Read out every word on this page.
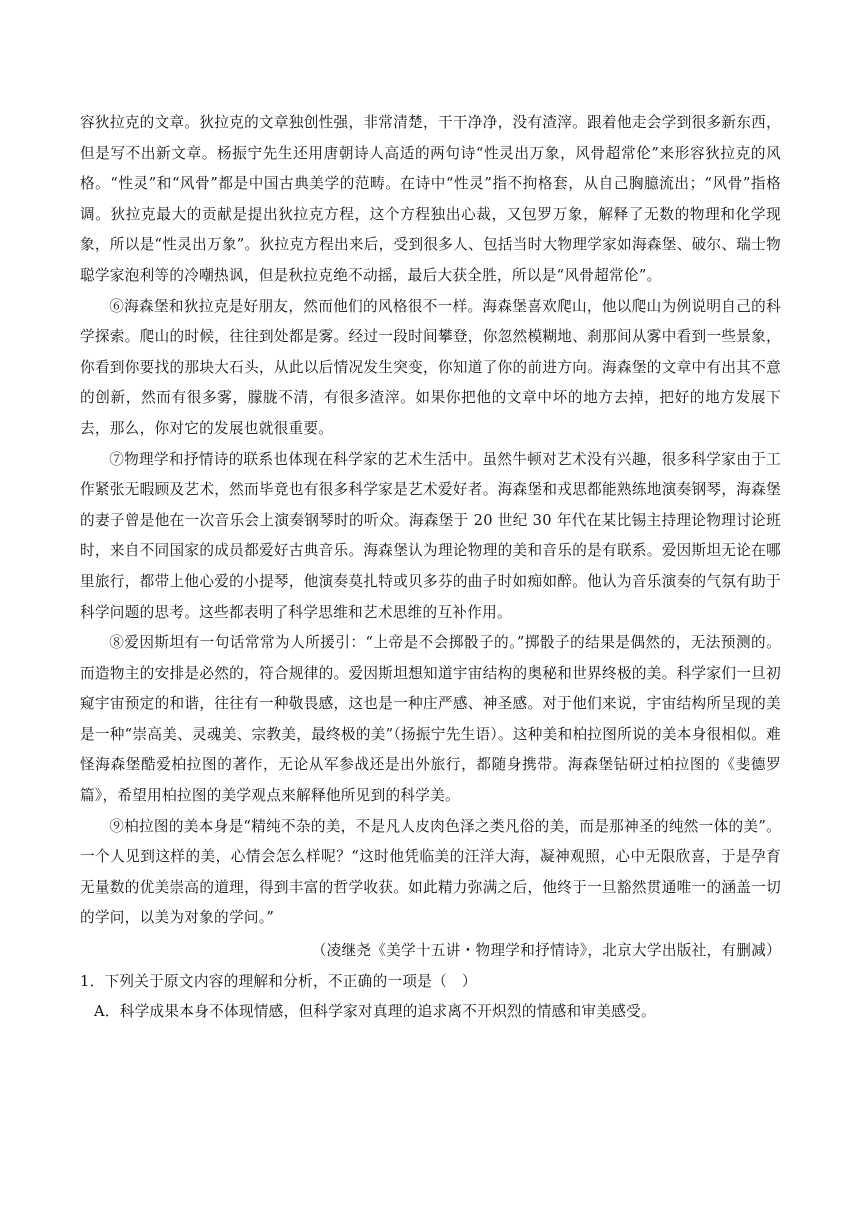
容狄拉克的文章。狄拉克的文章独创性强，非常清楚，干干净净，没有渣滓。跟着他走会学到很多新东西，但是写不出新文章。杨振宁先生还用唐朝诗人高适的两句诗“性灵出万象，风骨超常伦”来形容狄拉克的风格。“性灵”和“风骨”都是中国古典美学的范畴。在诗中“性灵”指不拘格套，从自己胸臆流出；“风骨”指格调。狄拉克最大的贡献是提出狄拉克方程，这个方程独出心裁，又包罗万象，解释了无数的物理和化学现象，所以是“性灵出万象”。狄拉克方程出来后，受到很多人、包括当时大物理学家如海森堡、破尔、瑞士物聪学家泡利等的冷嘲热讽，但是秋拉克绝不动摇，最后大获全胜，所以是“风骨超常伦”。

⑥海森堡和狄拉克是好朋友，然而他们的风格很不一样。海森堡喜欢爬山，他以爬山为例说明自己的科学探索。爬山的时候，往往到处都是雾。经过一段时间攀登，你忽然模糊地、刹那间从雾中看到一些景象，你看到你要找的那块大石头，从此以后情况发生突变，你知道了你的前进方向。海森堡的文章中有出其不意的创新，然而有很多雾，朦胧不清，有很多渣滓。如果你把他的文章中坏的地方去掉，把好的地方发展下去，那么，你对它的发展也就很重要。

⑦物理学和抒情诗的联系也体现在科学家的艺术生活中。虽然牛顿对艺术没有兴趣，很多科学家由于工作紧张无暇顾及艺术，然而毕竟也有很多科学家是艺术爱好者。海森堡和戎思都能熟练地演奏钢琴，海森堡的妻子曾是他在一次音乐会上演奏钢琴时的听众。海森堡于 20 世纪 30 年代在某比锡主持理论物理讨论班时，来自不同国家的成员都爱好古典音乐。海森堡认为理论物理的美和音乐的是有联系。爱因斯坦无论在哪里旅行，都带上他心爱的小提琴，他演奏莫扎特或贝多芬的曲子时如痴如醉。他认为音乐演奏的气氛有助于科学问题的思考。这些都表明了科学思维和艺术思维的互补作用。

⑧爱因斯坦有一句话常常为人所援引：“上帝是不会掷骰子的。”掷骰子的结果是偶然的，无法预测的。而造物主的安排是必然的，符合规律的。爱因斯坦想知道宇宙结构的奥秘和世界终极的美。科学家们一旦初窥宇宙预定的和谐，往往有一种敬畏感，这也是一种庄严感、神圣感。对于他们来说，宇宙结构所呈现的美是一种“崇高美、灵魂美、宗教美，最终极的美”（扬振宁先生语）。这种美和柏拉图所说的美本身很相似。难怪海森堡酷爱柏拉图的著作，无论从军参战还是出外旅行，都随身携带。海森堡钻研过柏拉图的《斐德罗篇》，希望用柏拉图的美学观点来解释他所见到的科学美。

⑨柏拉图的美本身是“精纯不杂的美，不是凡人皮肉色泽之类凡俗的美，而是那神圣的纯然一体的美”。一个人见到这样的美，心情会怎么样呢？“这时他凭临美的汪洋大海，凝神观照，心中无限欣喜，于是孕育无量数的优美崇高的道理，得到丰富的哲学收获。如此精力弥满之后，他终于一旦豁然贯通唯一的涵盖一切的学问，以美为对象的学问。”

（凌继尧《美学十五讲・物理学和抒情诗》，北京大学出版社，有删减）

1．下列关于原文内容的理解和分析，不正确的一项是（　）

A．科学成果本身不体现情感，但科学家对真理的追求离不开炽烈的情感和审美感受。
